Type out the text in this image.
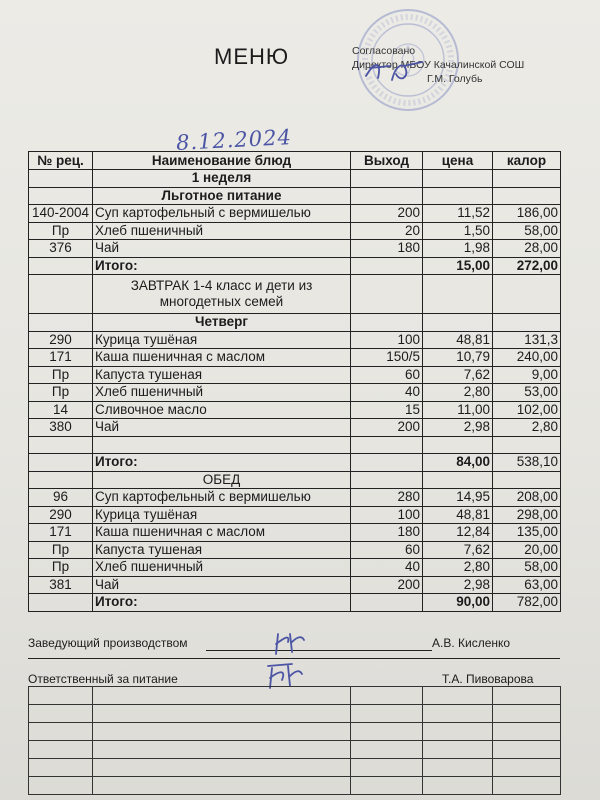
МЕНЮ	Согласовано
Директор МБОУ Качалинской СОШ
Г.М. Голубь
8.12.2024
№ рец.	Наименование блюд	Выход	цена	калор
	1 неделя			
	Льготное питание			
140-2004	Суп картофельный с вермишелью	200	11,52	186,00
Пр	Хлеб пшеничный	20	1,50	58,00
376	Чай	180	1,98	28,00
	Итого:		15,00	272,00
	ЗАВТРАК 1-4 класс и дети из многодетных семей			
	Четверг			
290	Курица тушёная	100	48,81	131,3
171	Каша пшеничная с маслом	150/5	10,79	240,00
Пр	Капуста тушеная	60	7,62	9,00
Пр	Хлеб пшеничный	40	2,80	53,00
14	Сливочное масло	15	11,00	102,00
380	Чай	200	2,98	2,80

	Итого:		84,00	538,10
	ОБЕД			
96	Суп картофельный с вермишелью	280	14,95	208,00
290	Курица тушёная	100	48,81	298,00
171	Каша пшеничная с маслом	180	12,84	135,00
Пр	Капуста тушеная	60	7,62	20,00
Пр	Хлеб пшеничный	40	2,80	58,00
381	Чай	200	2,98	63,00
	Итого:		90,00	782,00
Заведующий производством	А.В. Кисленко
Ответственный за питание	Т.А. Пивоварова
